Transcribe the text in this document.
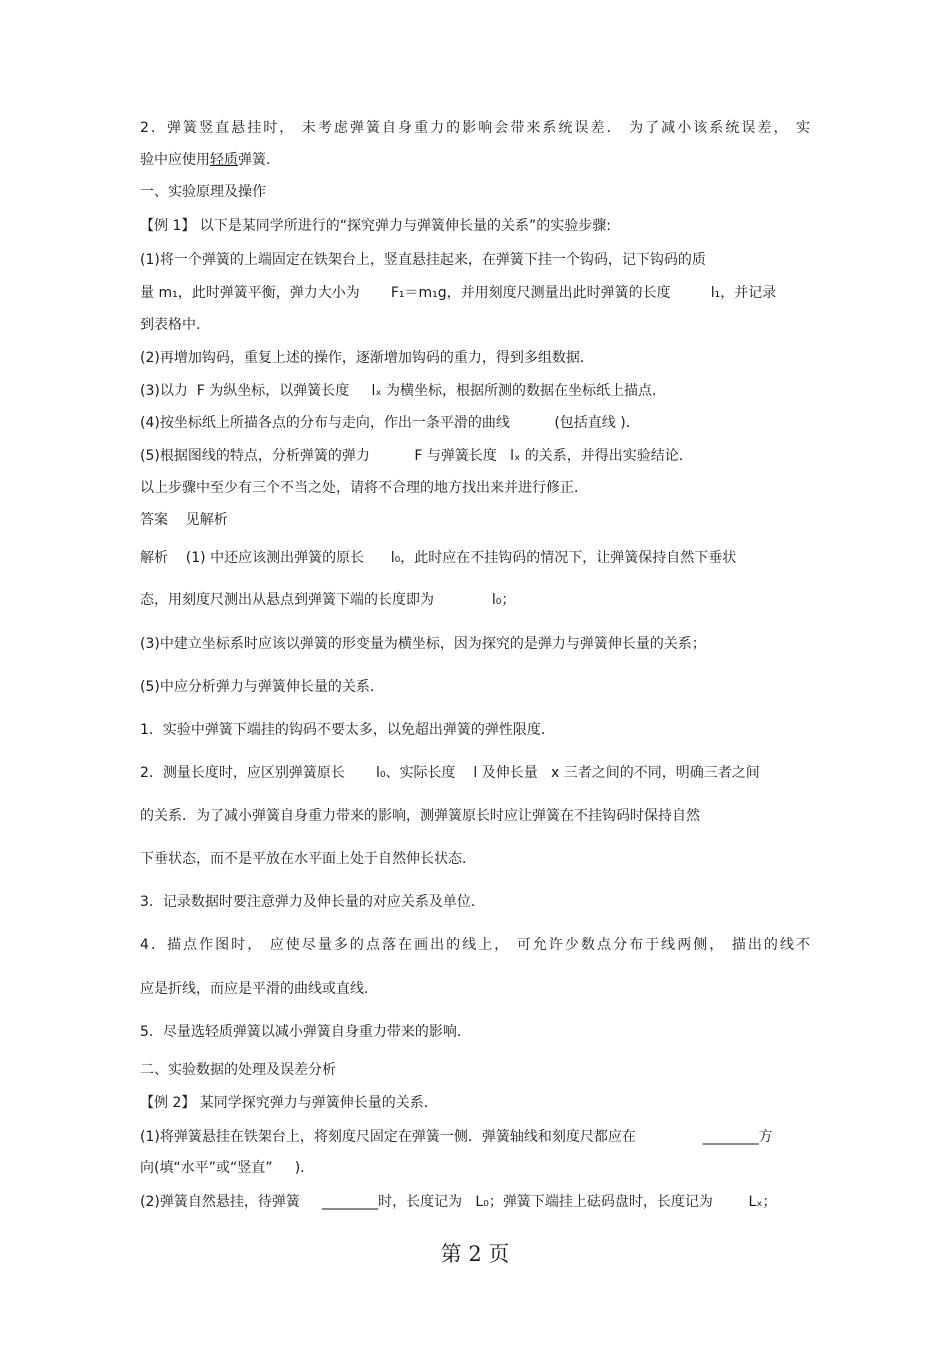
2．弹簧竖直悬挂时， 未考虑弹簧自身重力的影响会带来系统误差． 为了减小该系统误差， 实
验中应使用轻质弹簧．
一、实验原理及操作
【例 1】 以下是某同学所进行的“探究弹力与弹簧伸长量的关系”的实验步骤:
(1)将一个弹簧的上端固定在铁架台上，竖直悬挂起来，在弹簧下挂一个钩码，记下钩码的质
量 m₁，此时弹簧平衡，弹力大小为       F₁＝m₁g，并用刻度尺测量出此时弹簧的长度         l₁，并记录
到表格中．
(2)再增加钩码，重复上述的操作，逐渐增加钩码的重力，得到多组数据．
(3)以力  F 为纵坐标，以弹簧长度     lₓ 为横坐标，根据所测的数据在坐标纸上描点．
(4)按坐标纸上所描各点的分布与走向，作出一条平滑的曲线          (包括直线 )．
(5)根据图线的特点，分析弹簧的弹力          F 与弹簧长度   lₓ 的关系，并得出实验结论．
以上步骤中至少有三个不当之处，请将不合理的地方找出来并进行修正．
答案    见解析
解析    (1) 中还应该测出弹簧的原长      l₀，此时应在不挂钩码的情况下，让弹簧保持自然下垂状
态，用刻度尺测出从悬点到弹簧下端的长度即为             l₀；
(3)中建立坐标系时应该以弹簧的形变量为横坐标，因为探究的是弹力与弹簧伸长量的关系；
(5)中应分析弹力与弹簧伸长量的关系．
1．实验中弹簧下端挂的钩码不要太多，以免超出弹簧的弹性限度．
2．测量长度时，应区别弹簧原长       l₀、实际长度    l 及伸长量   x 三者之间的不同，明确三者之间
的关系．为了减小弹簧自身重力带来的影响，测弹簧原长时应让弹簧在不挂钩码时保持自然
下垂状态，而不是平放在水平面上处于自然伸长状态．
3．记录数据时要注意弹力及伸长量的对应关系及单位．
4．描点作图时， 应使尽量多的点落在画出的线上， 可允许少数点分布于线两侧， 描出的线不
应是折线，而应是平滑的曲线或直线．
5．尽量选轻质弹簧以减小弹簧自身重力带来的影响．
二、实验数据的处理及误差分析
【例 2】 某同学探究弹力与弹簧伸长量的关系．
(1)将弹簧悬挂在铁架台上，将刻度尺固定在弹簧一侧．弹簧轴线和刻度尺都应在               ________方
向(填“水平”或“竖直”     )．
(2)弹簧自然悬挂，待弹簧     ________时，长度记为   L₀；弹簧下端挂上砝码盘时，长度记为        Lₓ；
第 2 页
